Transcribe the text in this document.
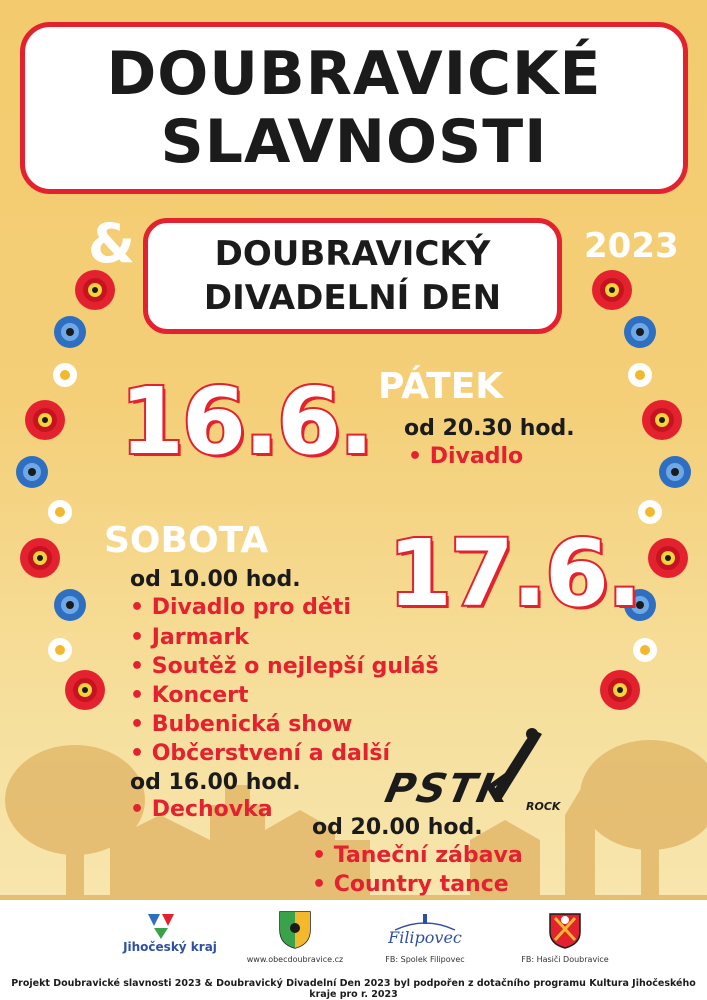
DOUBRAVICKÉ
SLAVNOSTI
& DOUBRAVICKÝ
DIVADELNÍ DEN
2023
16.6. PÁTEK
od 20.30 hod.
• Divadlo
SOBOTA 17.6.
od 10.00 hod.
• Divadlo pro děti
• Jarmark
• Soutěž o nejlepší guláš
• Koncert
• Bubenická show
• Občerstvení a další
od 16.00 hod.
• Dechovka
od 20.00 hod.
• Taneční zábava
• Country tance
PSTK ROCK
Jihočeský kraj
www.obecdoubravice.cz
Filipovec
FB: Spolek Filipovec	FB: Hasiči Doubravice
Projekt Doubravické slavnosti 2023 & Doubravický Divadelní Den 2023 byl podpořen z dotačního programu Kultura Jihočeského kraje pro r. 2023
